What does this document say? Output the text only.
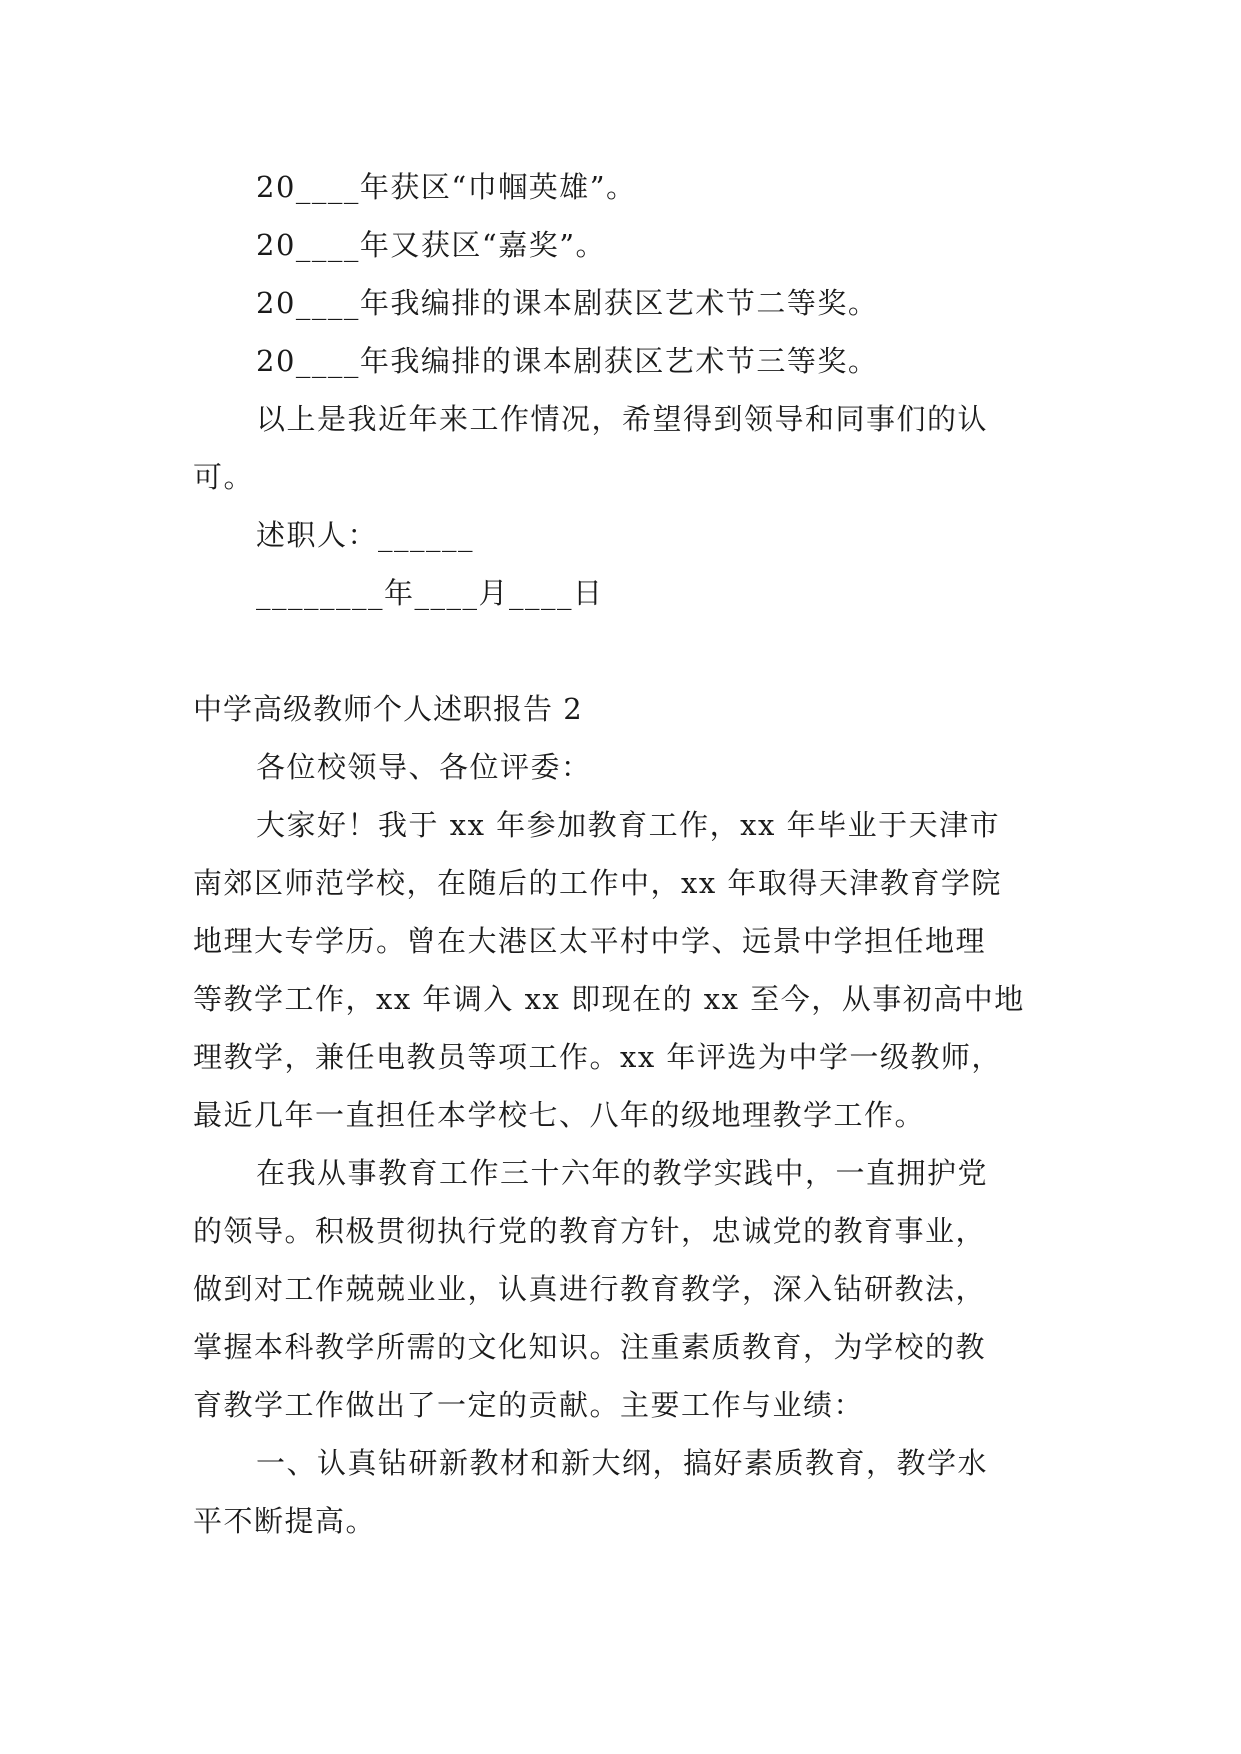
20____年获区“巾帼英雄”。
20____年又获区“嘉奖”。
20____年我编排的课本剧获区艺术节二等奖。
20____年我编排的课本剧获区艺术节三等奖。
以上是我近年来工作情况，希望得到领导和同事们的认
可。
述职人：______
________年____月____日
中学高级教师个人述职报告 2
各位校领导、各位评委：
大家好！我于 xx 年参加教育工作，xx 年毕业于天津市
南郊区师范学校，在随后的工作中，xx 年取得天津教育学院
地理大专学历。曾在大港区太平村中学、远景中学担任地理
等教学工作，xx 年调入 xx 即现在的 xx 至今，从事初高中地
理教学，兼任电教员等项工作。xx 年评选为中学一级教师，
最近几年一直担任本学校七、八年的级地理教学工作。
在我从事教育工作三十六年的教学实践中，一直拥护党
的领导。积极贯彻执行党的教育方针，忠诚党的教育事业，
做到对工作兢兢业业，认真进行教育教学，深入钻研教法，
掌握本科教学所需的文化知识。注重素质教育，为学校的教
育教学工作做出了一定的贡献。主要工作与业绩：
一、认真钻研新教材和新大纲，搞好素质教育，教学水
平不断提高。
